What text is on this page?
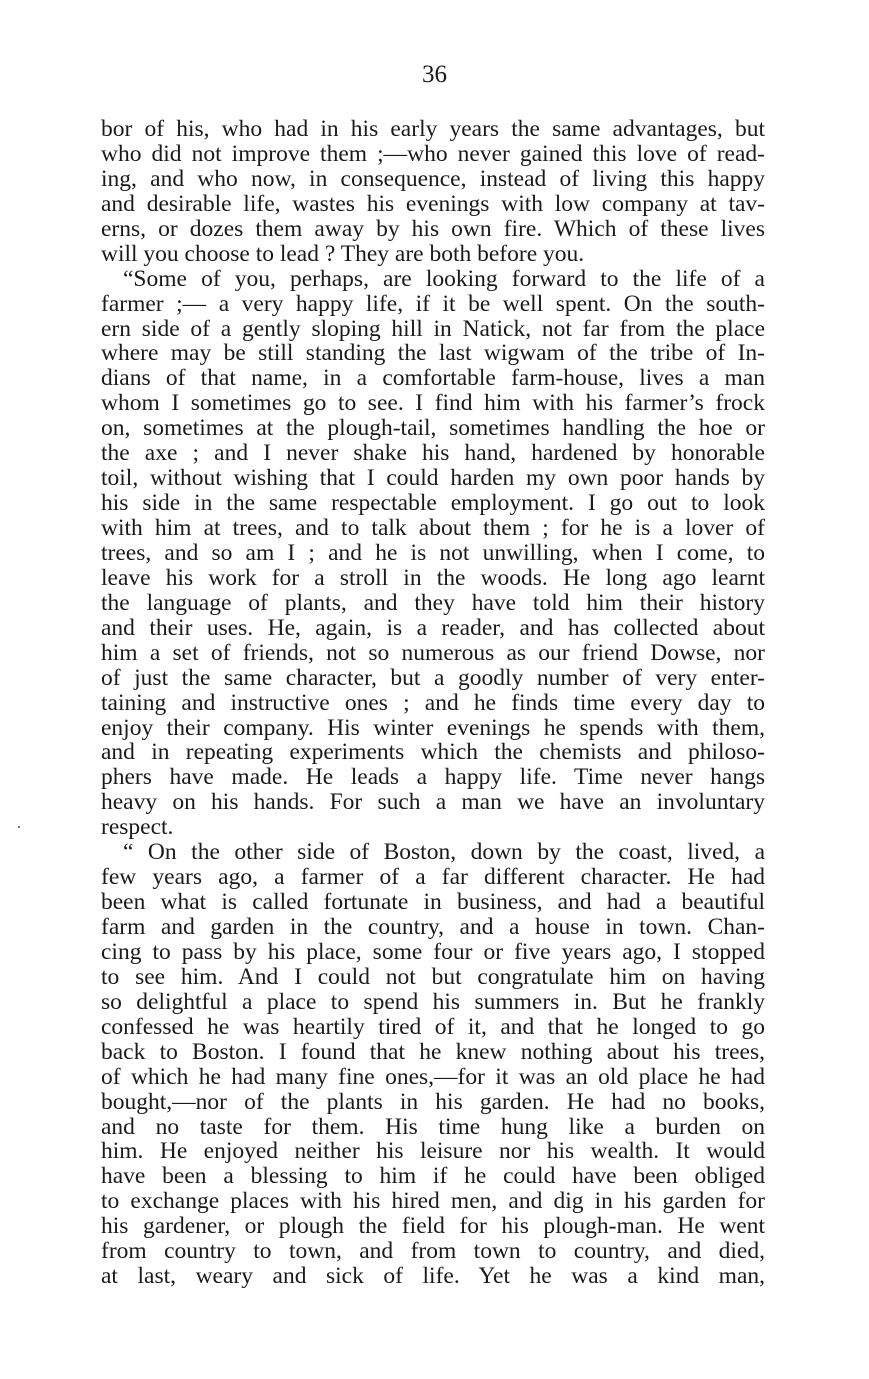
36
bor of his, who had in his early years the same advantages, but
who did not improve them ;—who never gained this love of read-
ing, and who now, in consequence, instead of living this happy
and desirable life, wastes his evenings with low company at tav-
erns, or dozes them away by his own fire. Which of these lives
will you choose to lead ? They are both before you.
“Some of you, perhaps, are looking forward to the life of a
farmer ;— a very happy life, if it be well spent. On the south-
ern side of a gently sloping hill in Natick, not far from the place
where may be still standing the last wigwam of the tribe of In-
dians of that name, in a comfortable farm-house, lives a man
whom I sometimes go to see. I find him with his farmer’s frock
on, sometimes at the plough-tail, sometimes handling the hoe or
the axe ; and I never shake his hand, hardened by honorable
toil, without wishing that I could harden my own poor hands by
his side in the same respectable employment. I go out to look
with him at trees, and to talk about them ; for he is a lover of
trees, and so am I ; and he is not unwilling, when I come, to
leave his work for a stroll in the woods. He long ago learnt
the language of plants, and they have told him their history
and their uses. He, again, is a reader, and has collected about
him a set of friends, not so numerous as our friend Dowse, nor
of just the same character, but a goodly number of very enter-
taining and instructive ones ; and he finds time every day to
enjoy their company. His winter evenings he spends with them,
and in repeating experiments which the chemists and philoso-
phers have made. He leads a happy life. Time never hangs
heavy on his hands. For such a man we have an involuntary
respect.
“ On the other side of Boston, down by the coast, lived, a
few years ago, a farmer of a far different character. He had
been what is called fortunate in business, and had a beautiful
farm and garden in the country, and a house in town. Chan-
cing to pass by his place, some four or five years ago, I stopped
to see him. And I could not but congratulate him on having
so delightful a place to spend his summers in. But he frankly
confessed he was heartily tired of it, and that he longed to go
back to Boston. I found that he knew nothing about his trees,
of which he had many fine ones,—for it was an old place he had
bought,—nor of the plants in his garden. He had no books,
and no taste for them. His time hung like a burden on
him. He enjoyed neither his leisure nor his wealth. It would
have been a blessing to him if he could have been obliged
to exchange places with his hired men, and dig in his garden for
his gardener, or plough the field for his plough-man. He went
from country to town, and from town to country, and died,
at last, weary and sick of life. Yet he was a kind man,
